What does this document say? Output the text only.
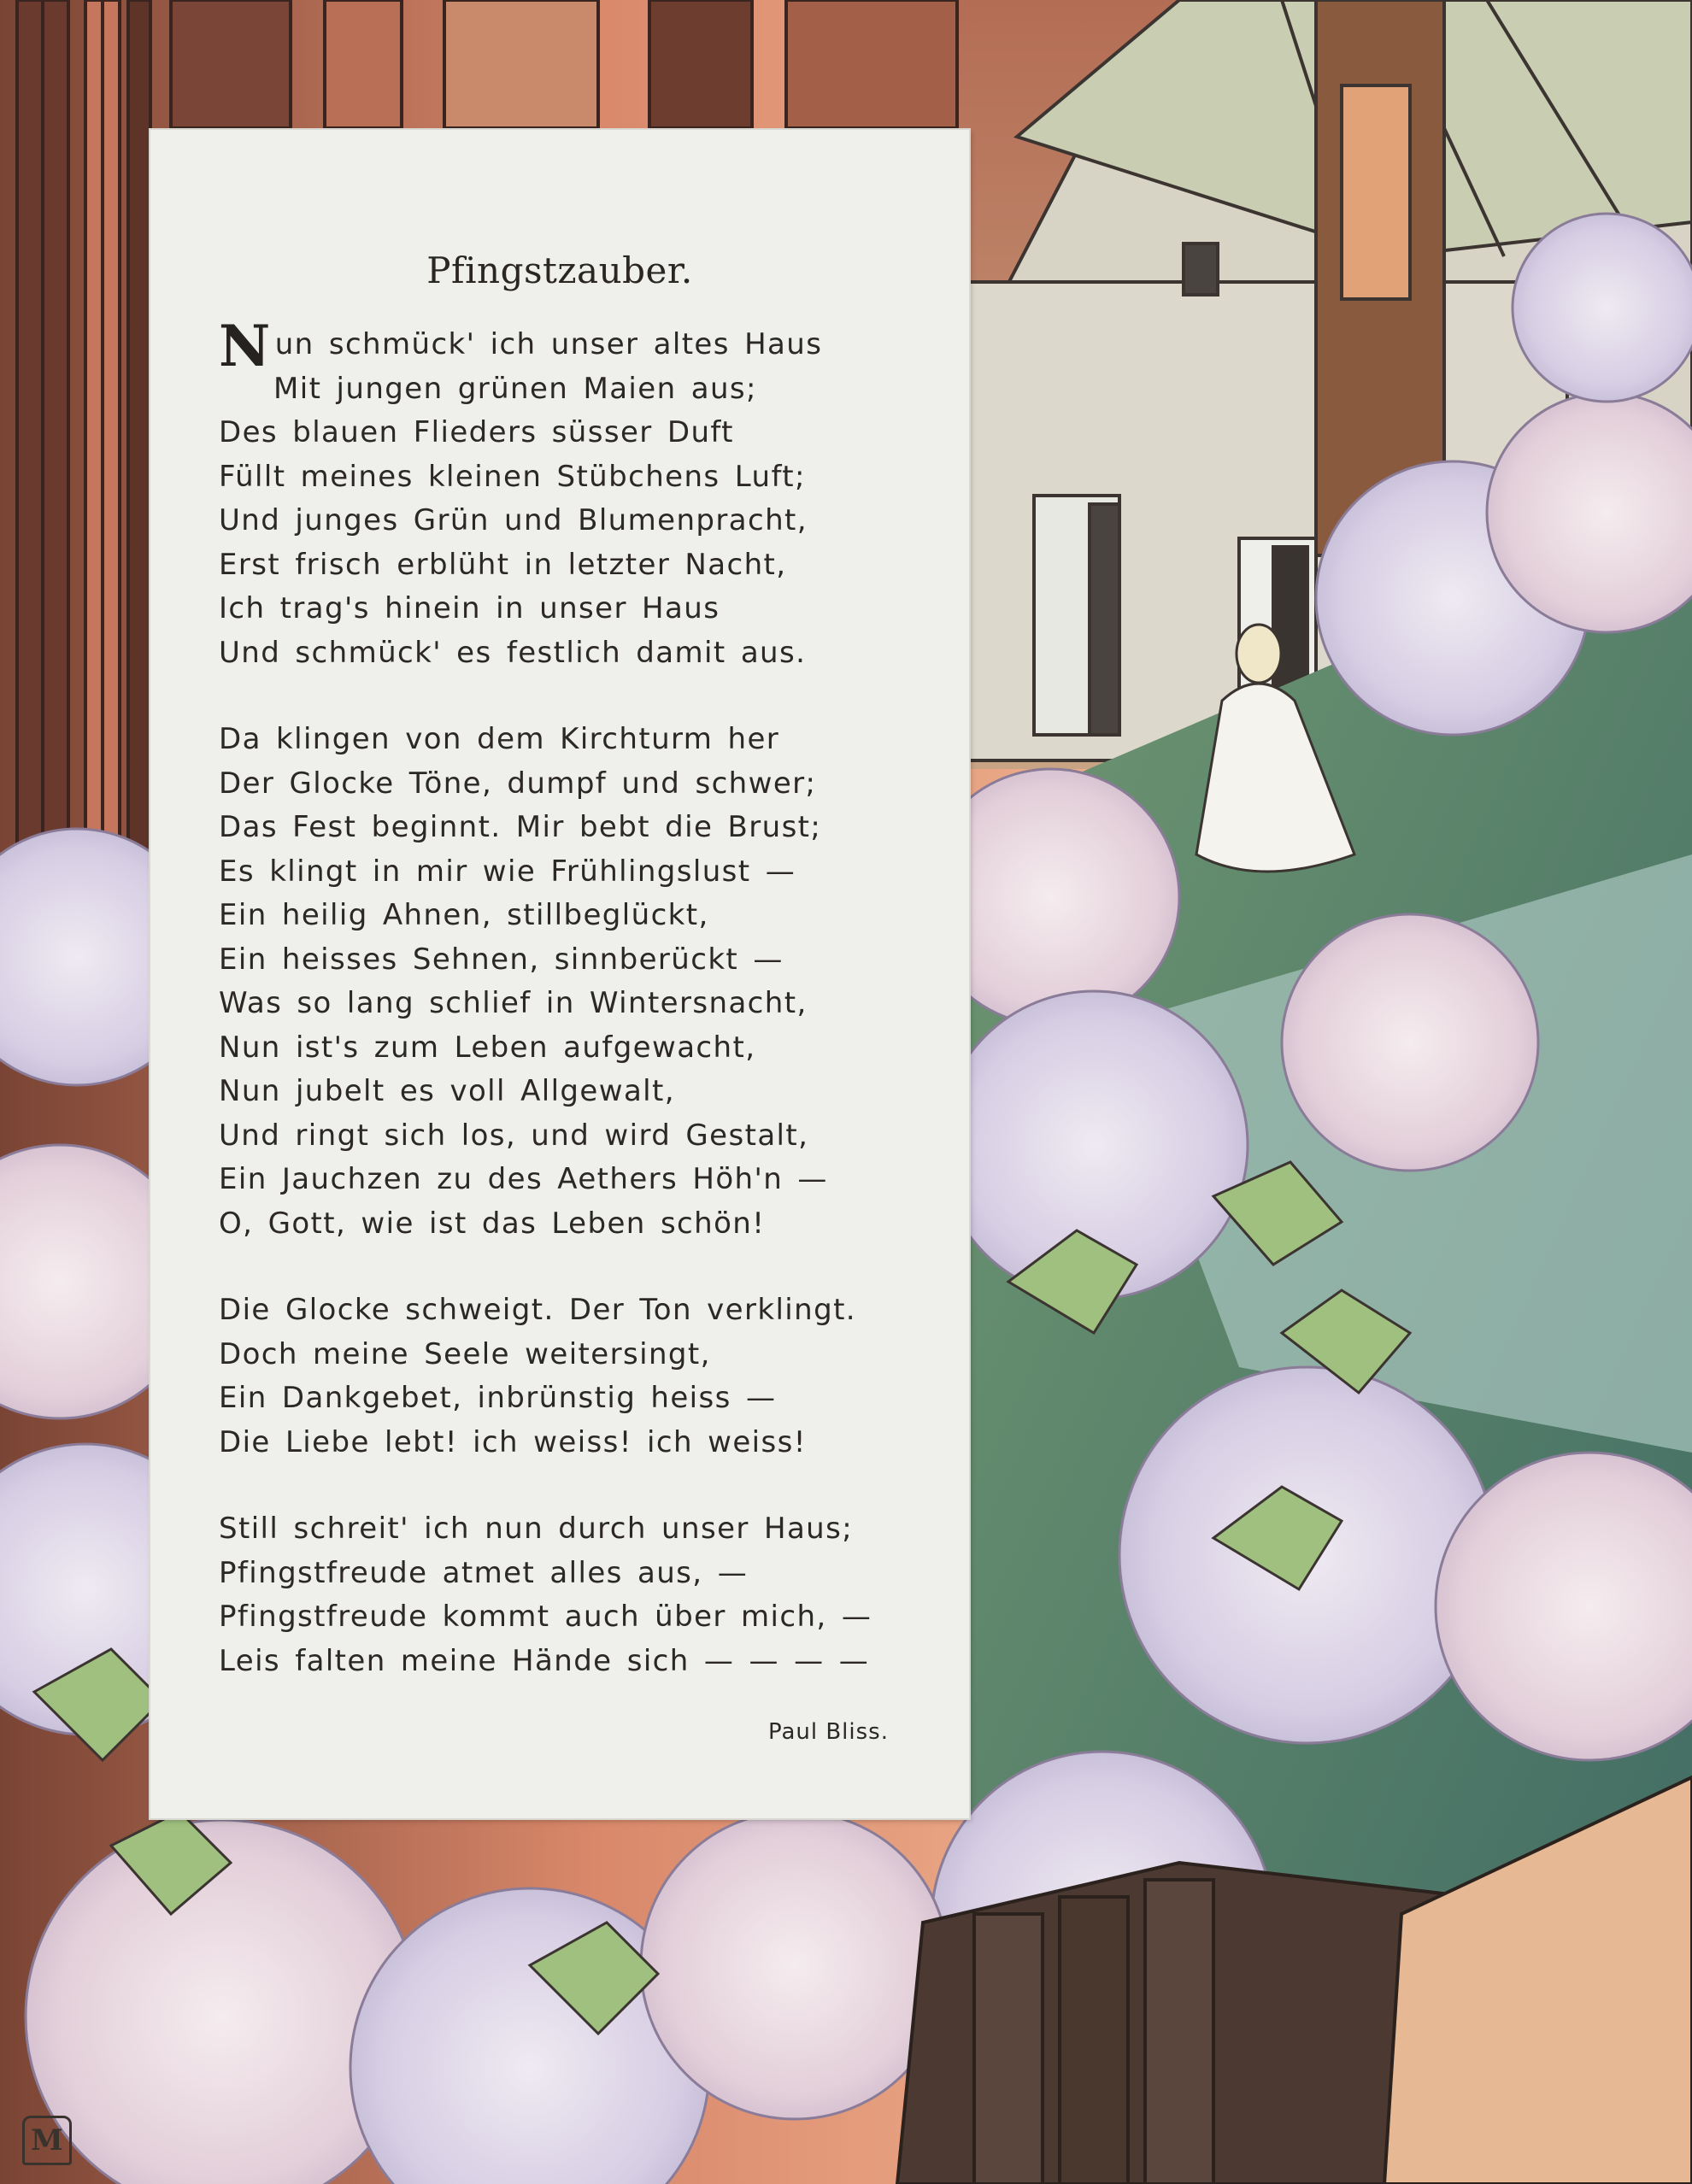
Pfingstzauber.
Nun schmück' ich unser altes Haus
Mit jungen grünen Maien aus;
Des blauen Flieders süsser Duft
Füllt meines kleinen Stübchens Luft;
Und junges Grün und Blumenpracht,
Erst frisch erblüht in letzter Nacht,
Ich trag's hinein in unser Haus
Und schmück' es festlich damit aus.
Da klingen von dem Kirchturm her
Der Glocke Töne, dumpf und schwer;
Das Fest beginnt. Mir bebt die Brust;
Es klingt in mir wie Frühlingslust —
Ein heilig Ahnen, stillbeglückt,
Ein heisses Sehnen, sinnberückt —
Was so lang schlief in Wintersnacht,
Nun ist's zum Leben aufgewacht,
Nun jubelt es voll Allgewalt,
Und ringt sich los, und wird Gestalt,
Ein Jauchzen zu des Aethers Höh'n —
O, Gott, wie ist das Leben schön!
Die Glocke schweigt. Der Ton verklingt.
Doch meine Seele weitersingt,
Ein Dankgebet, inbrünstig heiss —
Die Liebe lebt! ich weiss! ich weiss!
Still schreit' ich nun durch unser Haus;
Pfingstfreude atmet alles aus, —
Pfingstfreude kommt auch über mich, —
Leis falten meine Hände sich — — — —
Paul Bliss.
M
